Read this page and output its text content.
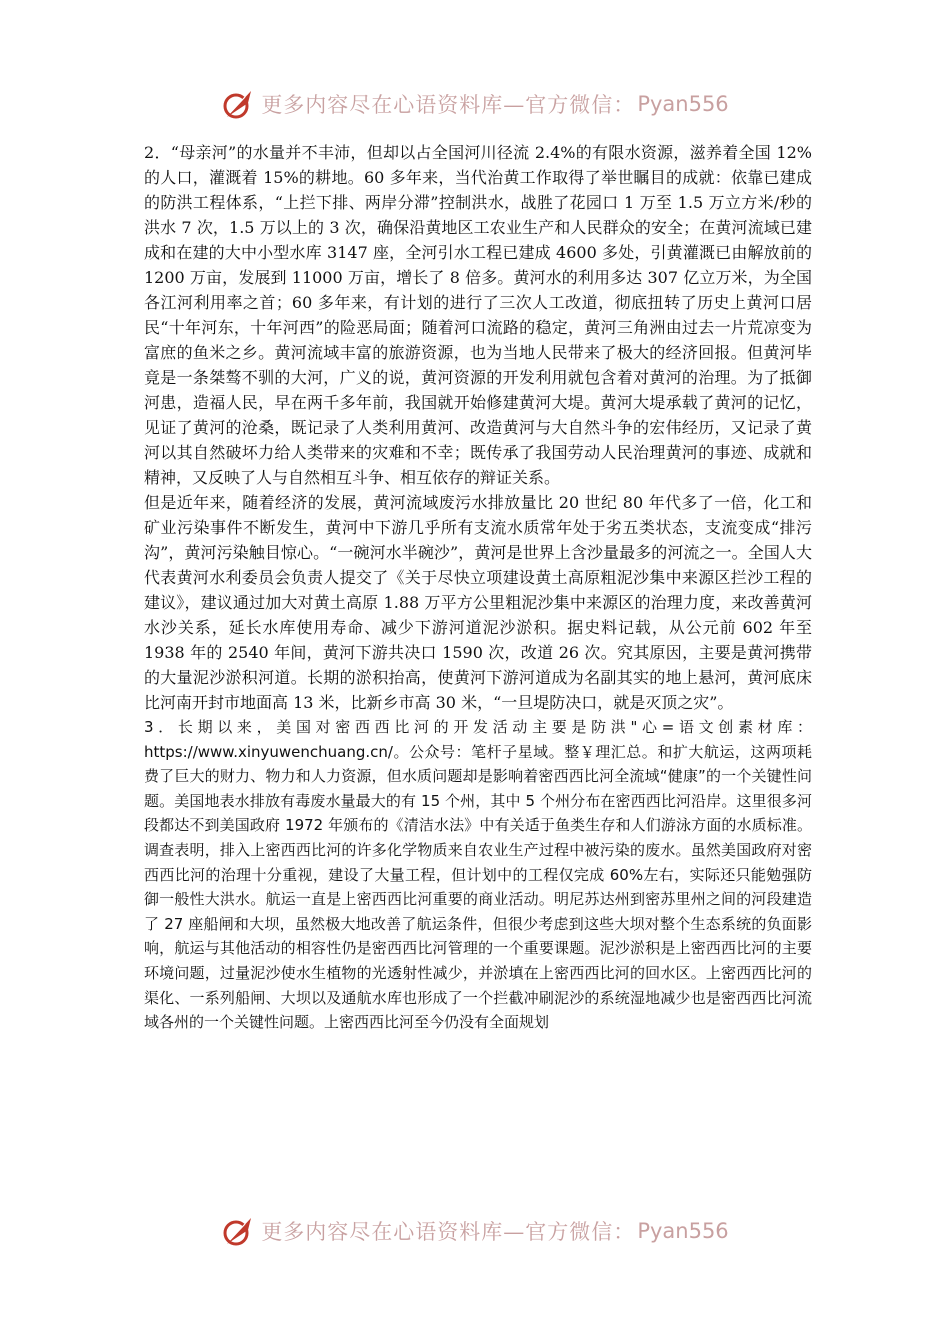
更多内容尽在心语资料库—官方微信： Pyan556

2．“母亲河”的水量并不丰沛，但却以占全国河川径流 2.4%的有限水资源，滋养着全国 12%的人口，灌溉着 15%的耕地。60 多年来，当代治黄工作取得了举世瞩目的成就：依靠已建成的防洪工程体系，“上拦下排、两岸分滞”控制洪水，战胜了花园口 1 万至 1.5 万立方米/秒的洪水 7 次，1.5 万以上的 3 次，确保沿黄地区工农业生产和人民群众的安全；在黄河流域已建成和在建的大中小型水库 3147 座，全河引水工程已建成 4600 多处，引黄灌溉已由解放前的 1200 万亩，发展到 11000 万亩，增长了 8 倍多。黄河水的利用多达 307 亿立万米，为全国各江河利用率之首；60 多年来，有计划的进行了三次人工改道，彻底扭转了历史上黄河口居民“十年河东，十年河西”的险恶局面；随着河口流路的稳定，黄河三角洲由过去一片荒凉变为富庶的鱼米之乡。黄河流域丰富的旅游资源，也为当地人民带来了极大的经济回报。但黄河毕竟是一条桀骜不驯的大河，广义的说，黄河资源的开发利用就包含着对黄河的治理。为了抵御河患，造福人民，早在两千多年前，我国就开始修建黄河大堤。黄河大堤承载了黄河的记忆，见证了黄河的沧桑，既记录了人类利用黄河、改造黄河与大自然斗争的宏伟经历，又记录了黄河以其自然破坏力给人类带来的灾难和不幸；既传承了我国劳动人民治理黄河的事迹、成就和精神，又反映了人与自然相互斗争、相互依存的辩证关系。

但是近年来，随着经济的发展，黄河流域废污水排放量比 20 世纪 80 年代多了一倍，化工和矿业污染事件不断发生，黄河中下游几乎所有支流水质常年处于劣五类状态，支流变成“排污沟”，黄河污染触目惊心。“一碗河水半碗沙”，黄河是世界上含沙量最多的河流之一。全国人大代表黄河水利委员会负责人提交了《关于尽快立项建设黄土高原粗泥沙集中来源区拦沙工程的建议》，建议通过加大对黄土高原 1.88 万平方公里粗泥沙集中来源区的治理力度，来改善黄河水沙关系，延长水库使用寿命、减少下游河道泥沙淤积。据史料记载，从公元前 602 年至 1938 年的 2540 年间，黄河下游共决口 1590 次，改道 26 次。究其原因，主要是黄河携带的大量泥沙淤积河道。长期的淤积抬高，使黄河下游河道成为名副其实的地上悬河，黄河底床比河南开封市地面高 13 米，比新乡市高 30 米，“一旦堤防决口，就是灭顶之灾”。

3．长期以来，美国对密西西比河的开发活动主要是防洪"心=语文创素材库：https://www.xinyuwenchuang.cn/。公众号：笔杆子星域。整￥理汇总。和扩大航运，这两项耗费了巨大的财力、物力和人力资源，但水质问题却是影响着密西西比河全流域“健康”的一个关键性问题。美国地表水排放有毒废水量最大的有 15 个州，其中 5 个州分布在密西西比河沿岸。这里很多河段都达不到美国政府 1972 年颁布的《清洁水法》中有关适于鱼类生存和人们游泳方面的水质标准。调查表明，排入上密西西比河的许多化学物质来自农业生产过程中被污染的废水。虽然美国政府对密西西比河的治理十分重视，建设了大量工程，但计划中的工程仅完成 60%左右，实际还只能勉强防御一般性大洪水。航运一直是上密西西比河重要的商业活动。明尼苏达州到密苏里州之间的河段建造了 27 座船闸和大坝，虽然极大地改善了航运条件，但很少考虑到这些大坝对整个生态系统的负面影响，航运与其他活动的相容性仍是密西西比河管理的一个重要课题。泥沙淤积是上密西西比河的主要环境问题，过量泥沙使水生植物的光透射性减少，并淤填在上密西西比河的回水区。上密西西比河的渠化、一系列船闸、大坝以及通航水库也形成了一个拦截冲刷泥沙的系统湿地减少也是密西西比河流域各州的一个关键性问题。上密西西比河至今仍没有全面规划

更多内容尽在心语资料库—官方微信： Pyan556
